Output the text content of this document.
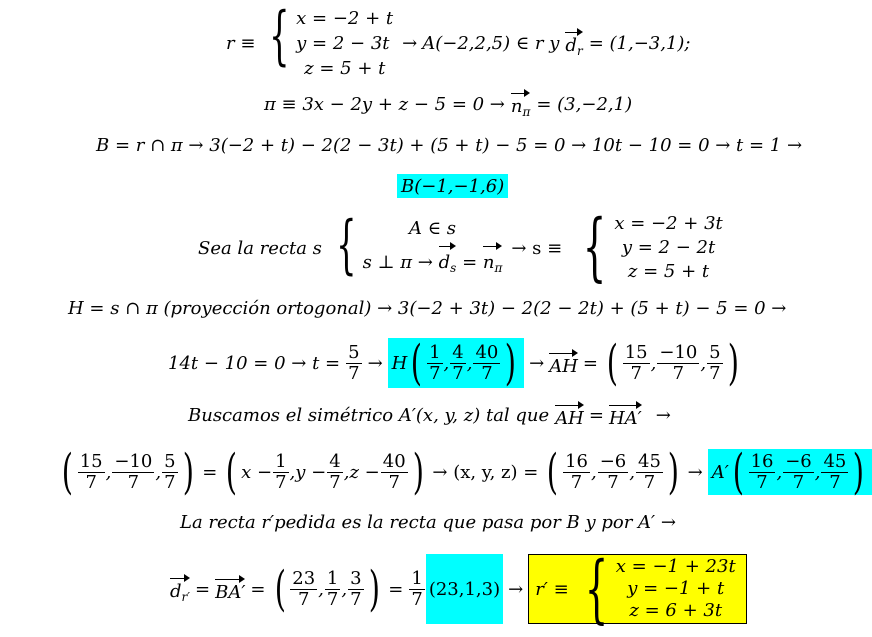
r ≡ { x = −2 + t
y = 2 − 3t
z = 5 + t
→ A(−2,2,5) ∈ r y $d_r = (1,-3,1)$;
$\pi \equiv 3x - 2y + z - 5 = 0 \to n_\pi = (3,-2,1)$
B = r ∩ π → 3(−2 + t) − 2(2 − 3t) + (5 + t) − 5 = 0 → 10t − 10 = 0 → t = 1 →
B(−1,−1,6)
Sea la recta s {	A ∈ s
s ⊥ $\pi \to d_s = n_\pi$
→ s ≡ { x = −2 + 3t
y = 2 − 2t
z = 5 + t
H = s ∩ π (proyección ortogonal) → 3(−2 + 3t) − 2(2 − 2t) + (5 + t) − 5 = 0 →
$14t - 10 = 0 \to t = \frac{5}{7} \to H$ ( $\frac{1}{7}$ , $\frac{4}{7}$ , $\frac{40}{7}$ ) → AH = ( $\frac{15}{7}$ , $\frac{-10}{7}$ , $\frac{5}{7}$ )
Buscamos el simétrico A′(x, y, z) tal que AH = HA′ →
( $\frac{15}{7}$ , $\frac{-10}{7}$ , $\frac{5}{7}$ ) = ( $x - \frac{1}{7}$ , $y - \frac{4}{7}$ , $z - \frac{40}{7}$ ) → (x, y, z) = ( $\frac{16}{7}$ , $\frac{-6}{7}$ , $\frac{45}{7}$ ) → A′ ( $\frac{16}{7}$ , $\frac{-6}{7}$ , $\frac{45}{7}$ )
La recta r′pedida es la recta que pasa por B y por A′ →
$d_{r'} = BA'$ = ( $\frac{23}{7}$ , $\frac{1}{7}$ , $\frac{3}{7}$ ) = $\frac{1}{7} (23,1,3) \to r'$ ≡ { x = −1 + 23t
y = −1 + t
z = 6 + 3t
